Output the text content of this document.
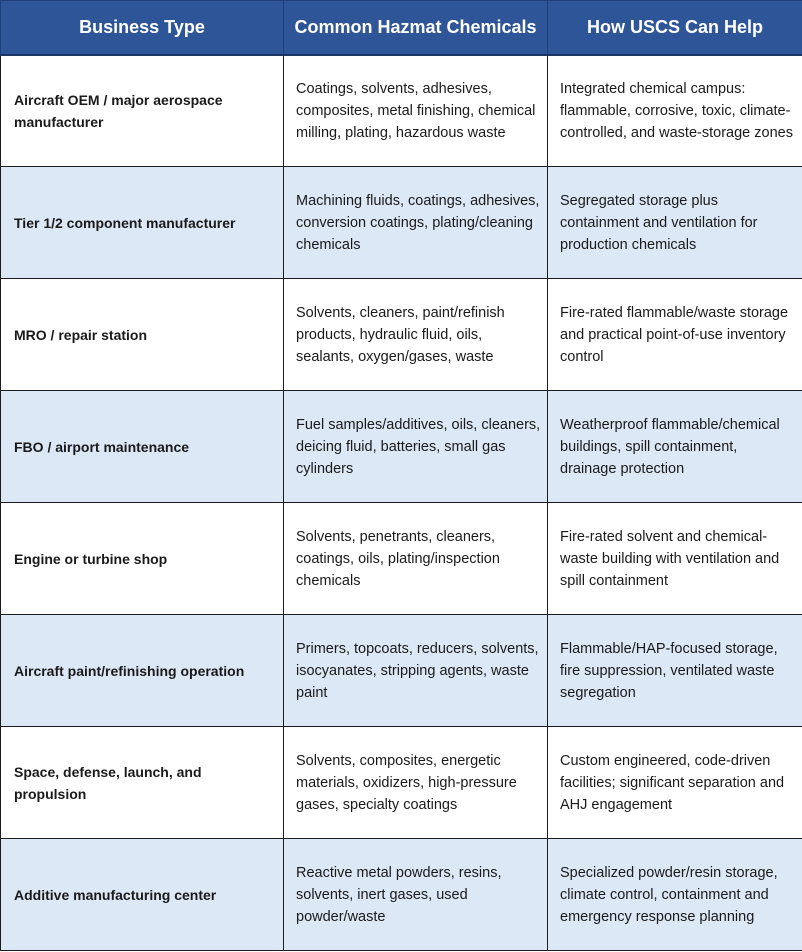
Business Type	Common Hazmat Chemicals	How USCS Can Help
Aircraft OEM / major aerospace manufacturer	Coatings, solvents, adhesives, composites, metal finishing, chemical milling, plating, hazardous waste	Integrated chemical campus: flammable, corrosive, toxic, climate-controlled, and waste-storage zones
Tier 1/2 component manufacturer	Machining fluids, coatings, adhesives, conversion coatings, plating/cleaning chemicals	Segregated storage plus containment and ventilation for production chemicals
MRO / repair station	Solvents, cleaners, paint/refinish products, hydraulic fluid, oils, sealants, oxygen/gases, waste	Fire-rated flammable/waste storage and practical point-of-use inventory control
FBO / airport maintenance	Fuel samples/additives, oils, cleaners, deicing fluid, batteries, small gas cylinders	Weatherproof flammable/chemical buildings, spill containment, drainage protection
Engine or turbine shop	Solvents, penetrants, cleaners, coatings, oils, plating/inspection chemicals	Fire-rated solvent and chemical-waste building with ventilation and spill containment
Aircraft paint/refinishing operation	Primers, topcoats, reducers, solvents, isocyanates, stripping agents, waste paint	Flammable/HAP-focused storage, fire suppression, ventilated waste segregation
Space, defense, launch, and propulsion	Solvents, composites, energetic materials, oxidizers, high-pressure gases, specialty coatings	Custom engineered, code-driven facilities; significant separation and AHJ engagement
Additive manufacturing center	Reactive metal powders, resins, solvents, inert gases, used powder/waste	Specialized powder/resin storage, climate control, containment and emergency response planning
